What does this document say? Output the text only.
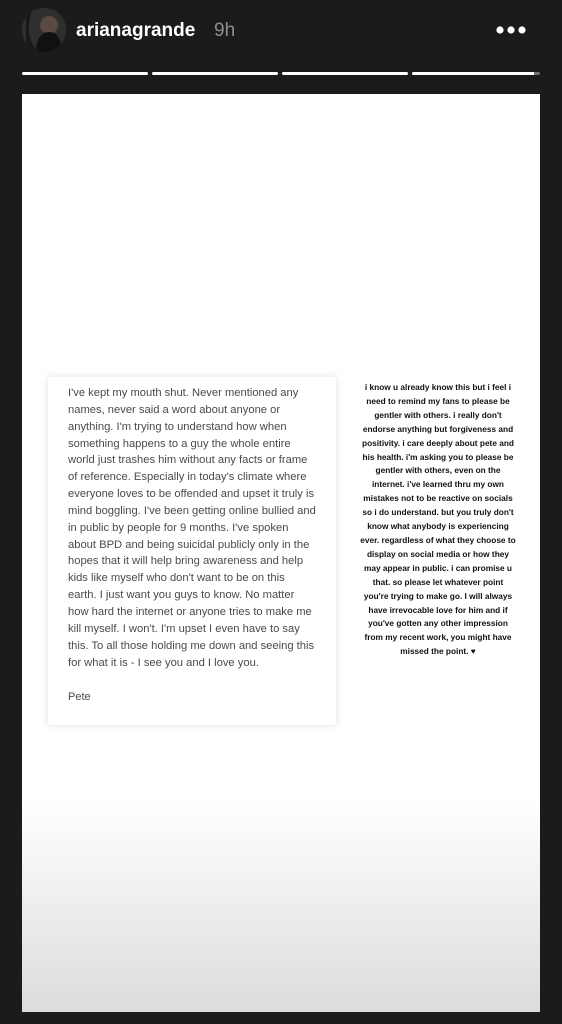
arianagrande 9h

I've kept my mouth shut. Never mentioned any names, never said a word about anyone or anything. I'm trying to understand how when something happens to a guy the whole entire world just trashes him without any facts or frame of reference. Especially in today's climate where everyone loves to be offended and upset it truly is mind boggling. I've been getting online bullied and in public by people for 9 months. I've spoken about BPD and being suicidal publicly only in the hopes that it will help bring awareness and help kids like myself who don't want to be on this earth. I just want you guys to know. No matter how hard the internet or anyone tries to make me kill myself. I won't. I'm upset I even have to say this. To all those holding me down and seeing this for what it is - I see you and I love you.

Pete

i know u already know this but i feel i need to remind my fans to please be gentler with others. i really don't endorse anything but forgiveness and positivity. i care deeply about pete and his health. i'm asking you to please be gentler with others, even on the internet. i've learned thru my own mistakes not to be reactive on socials so i do understand. but you truly don't know what anybody is experiencing ever. regardless of what they choose to display on social media or how they may appear in public. i can promise u that. so please let whatever point you're trying to make go. I will always have irrevocable love for him and if you've gotten any other impression from my recent work, you might have missed the point. ♥
